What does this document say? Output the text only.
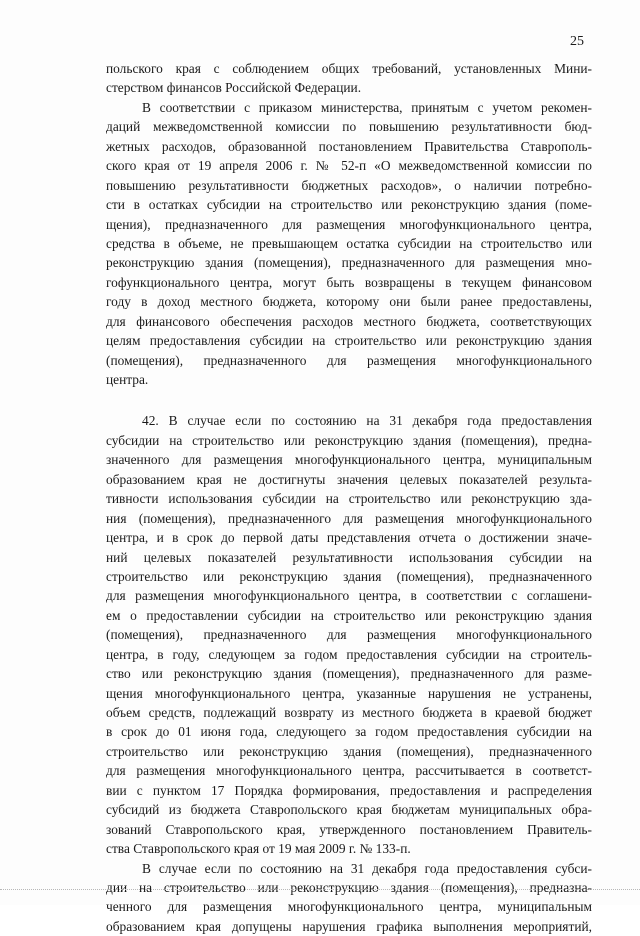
25
польского края с соблюдением общих требований, установленных Мини-
стерством финансов Российской Федерации.
В соответствии с приказом министерства, принятым с учетом рекомен-
даций межведомственной комиссии по повышению результативности бюд-
жетных расходов, образованной постановлением Правительства Ставрополь-
ского края от 19 апреля 2006 г. № 52-п «О межведомственной комиссии по
повышению результативности бюджетных расходов», о наличии потребно-
сти в остатках субсидии на строительство или реконструкцию здания (поме-
щения), предназначенного для размещения многофункционального центра,
средства в объеме, не превышающем остатка субсидии на строительство или
реконструкцию здания (помещения), предназначенного для размещения мно-
гофункционального центра, могут быть возвращены в текущем финансовом
году в доход местного бюджета, которому они были ранее предоставлены,
для финансового обеспечения расходов местного бюджета, соответствующих
целям предоставления субсидии на строительство или реконструкцию здания
(помещения), предназначенного для размещения многофункционального
центра.
42. В случае если по состоянию на 31 декабря года предоставления
субсидии на строительство или реконструкцию здания (помещения), предна-
значенного для размещения многофункционального центра, муниципальным
образованием края не достигнуты значения целевых показателей результа-
тивности использования субсидии на строительство или реконструкцию зда-
ния (помещения), предназначенного для размещения многофункционального
центра, и в срок до первой даты представления отчета о достижении значе-
ний целевых показателей результативности использования субсидии на
строительство или реконструкцию здания (помещения), предназначенного
для размещения многофункционального центра, в соответствии с соглашени-
ем о предоставлении субсидии на строительство или реконструкцию здания
(помещения), предназначенного для размещения многофункционального
центра, в году, следующем за годом предоставления субсидии на строитель-
ство или реконструкцию здания (помещения), предназначенного для разме-
щения многофункционального центра, указанные нарушения не устранены,
объем средств, подлежащий возврату из местного бюджета в краевой бюджет
в срок до 01 июня года, следующего за годом предоставления субсидии на
строительство или реконструкцию здания (помещения), предназначенного
для размещения многофункционального центра, рассчитывается в соответст-
вии с пунктом 17 Порядка формирования, предоставления и распределения
субсидий из бюджета Ставропольского края бюджетам муниципальных обра-
зований Ставропольского края, утвержденного постановлением Правитель-
ства Ставропольского края от 19 мая 2009 г. № 133-п.
В случае если по состоянию на 31 декабря года предоставления субси-
дии на строительство или реконструкцию здания (помещения), предназна-
ченного для размещения многофункционального центра, муниципальным
образованием края допущены нарушения графика выполнения мероприятий,
